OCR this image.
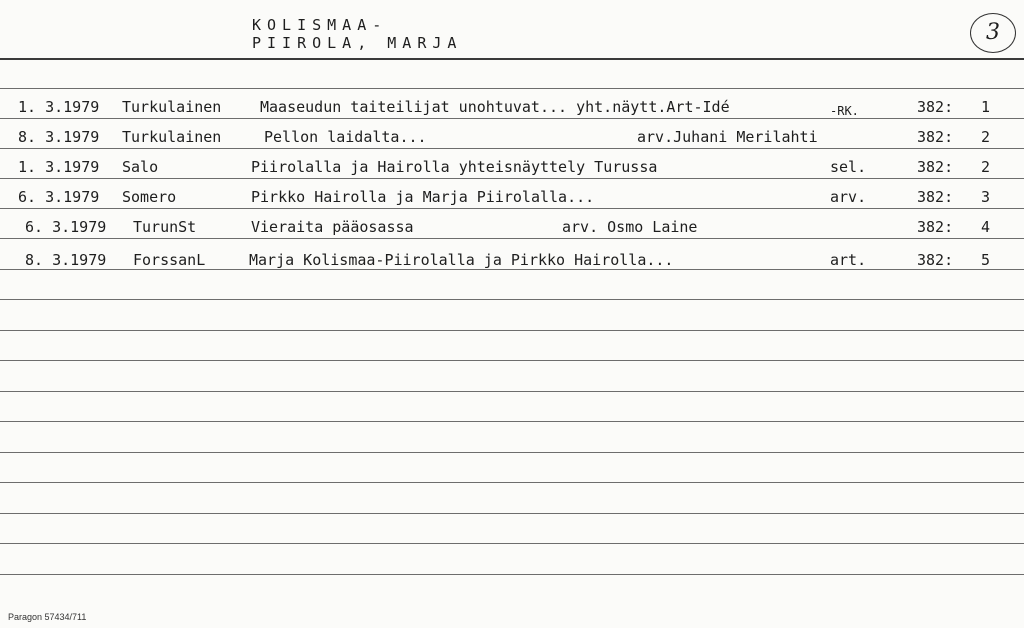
KOLISMAA-
PIIROLA, MARJA	3
1. 3.1979 Turkulainen	Maaseudun taiteilijat unohtuvat... yht.näytt.Art-Idé	-RK.	382: 1
8. 3.1979 Turkulainen	Pellon laidalta...	arv.Juhani Merilahti	382: 2
1. 3.1979 Salo	Piirolalla ja Hairolla yhteisnäyttely Turussa	sel.	382: 2
6. 3.1979 Somero	Pirkko Hairolla ja Marja Piirolalla...	arv.	382: 3
6. 3.1979 TurunSt	Vieraita pääosassa	arv. Osmo Laine	382: 4
8. 3.1979 ForssanL	Marja Kolismaa-Piirolalla ja Pirkko Hairolla...	art.	382: 5
Paragon 57434/711
